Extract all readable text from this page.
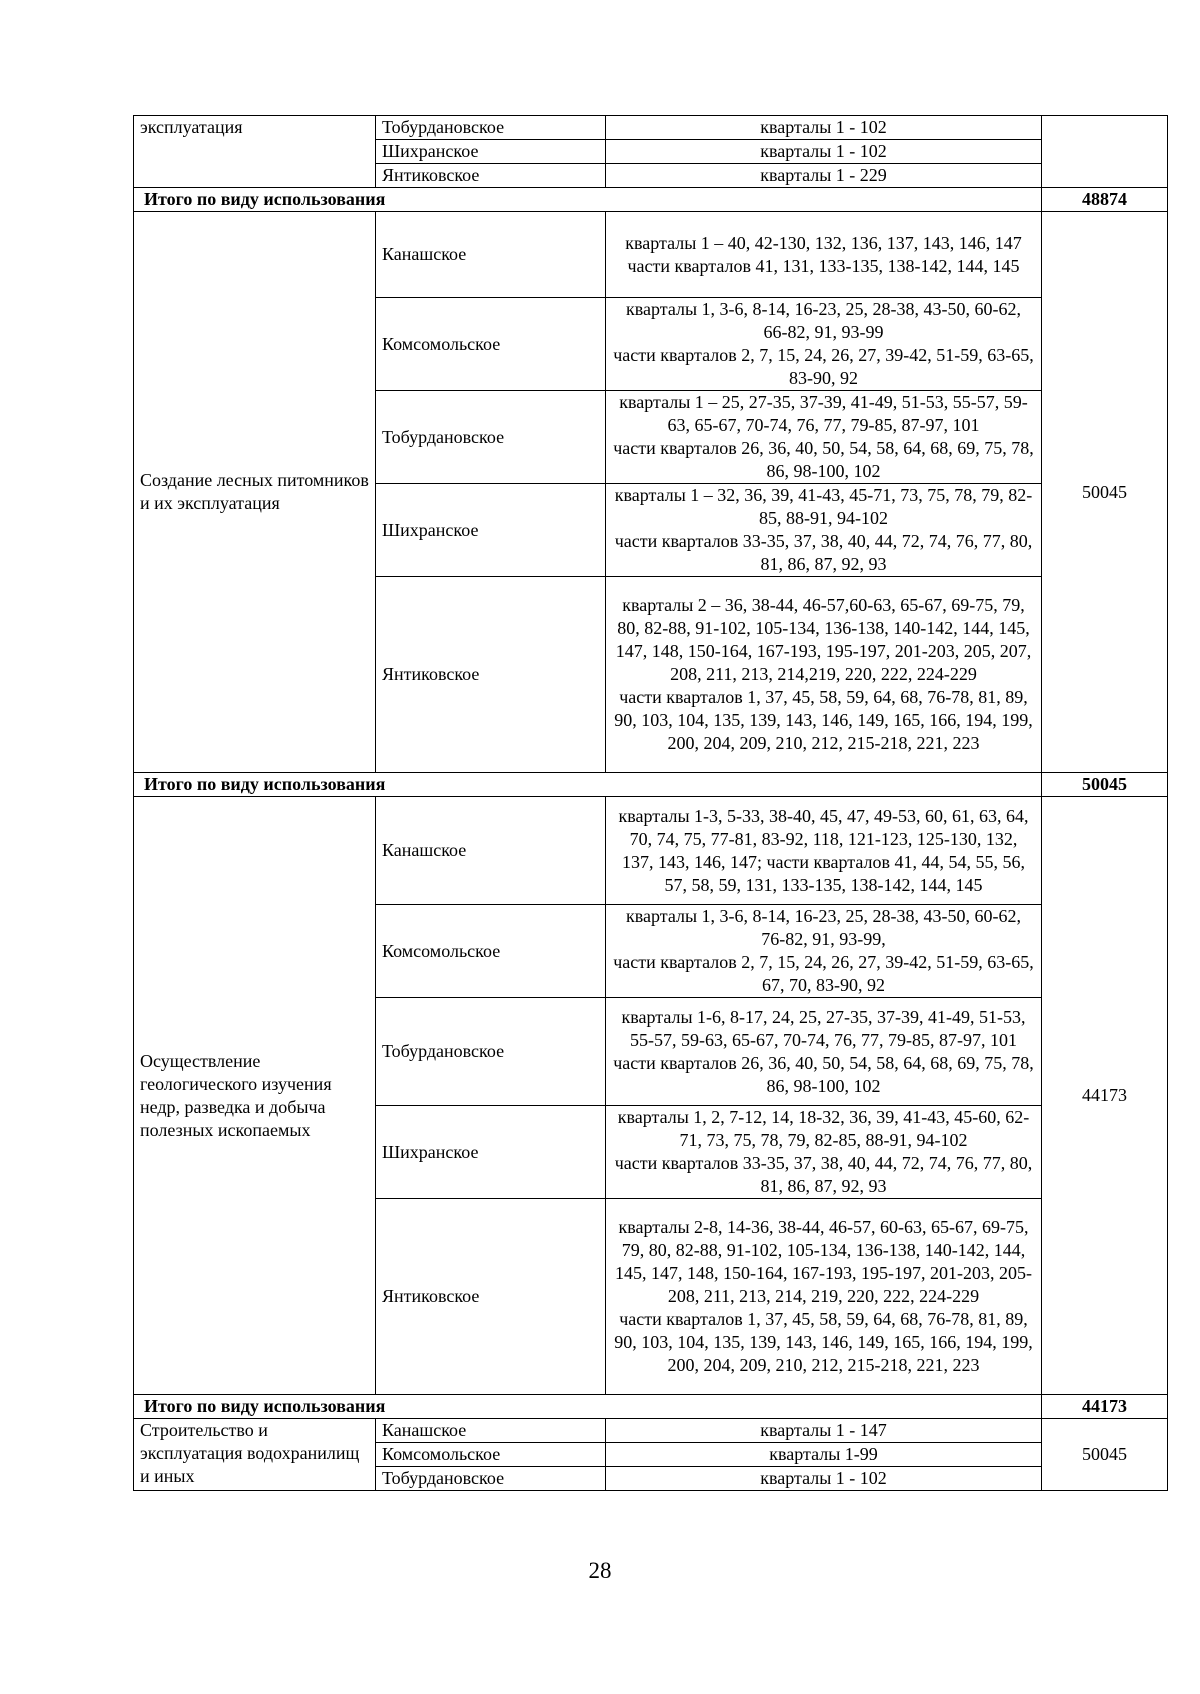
эксплуатация	Тобурдановское	кварталы 1 - 102	
	Шихранское	кварталы 1 - 102	
	Янтиковское	кварталы 1 - 229	
Итого по виду использования			48874
Создание лесных питомников и их эксплуатация	Канашское	кварталы 1 – 40, 42-130, 132, 136, 137, 143, 146, 147
части кварталов 41, 131, 133-135, 138-142, 144, 145	50045
	Комсомольское	кварталы 1, 3-6, 8-14, 16-23, 25, 28-38, 43-50, 60-62, 66-82, 91, 93-99
части кварталов 2, 7, 15, 24, 26, 27, 39-42, 51-59, 63-65, 83-90, 92	
	Тобурдановское	кварталы 1 – 25, 27-35, 37-39, 41-49, 51-53, 55-57, 59-63, 65-67, 70-74, 76, 77, 79-85, 87-97, 101
части кварталов 26, 36, 40, 50, 54, 58, 64, 68, 69, 75, 78, 86, 98-100, 102	
	Шихранское	кварталы 1 – 32, 36, 39, 41-43, 45-71, 73, 75, 78, 79, 82-85, 88-91, 94-102
части кварталов 33-35, 37, 38, 40, 44, 72, 74, 76, 77, 80, 81, 86, 87, 92, 93	
	Янтиковское	кварталы 2 – 36, 38-44, 46-57,60-63, 65-67, 69-75, 79, 80, 82-88, 91-102, 105-134, 136-138, 140-142, 144, 145, 147, 148, 150-164, 167-193, 195-197, 201-203, 205, 207, 208, 211, 213, 214,219, 220, 222, 224-229
части кварталов 1, 37, 45, 58, 59, 64, 68, 76-78, 81, 89, 90, 103, 104, 135, 139, 143, 146, 149, 165, 166, 194, 199, 200, 204, 209, 210, 212, 215-218, 221, 223	
Итого по виду использования			50045
Осуществление геологического изучения недр, разведка и добыча полезных ископаемых	Канашское	кварталы 1-3, 5-33, 38-40, 45, 47, 49-53, 60, 61, 63, 64, 70, 74, 75, 77-81, 83-92, 118, 121-123, 125-130, 132, 137, 143, 146, 147; части кварталов 41, 44, 54, 55, 56, 57, 58, 59, 131, 133-135, 138-142, 144, 145	44173
	Комсомольское	кварталы 1, 3-6, 8-14, 16-23, 25, 28-38, 43-50, 60-62, 76-82, 91, 93-99,
части кварталов 2, 7, 15, 24, 26, 27, 39-42, 51-59, 63-65, 67, 70, 83-90, 92	
	Тобурдановское	кварталы 1-6, 8-17, 24, 25, 27-35, 37-39, 41-49, 51-53, 55-57, 59-63, 65-67, 70-74, 76, 77, 79-85, 87-97, 101
части кварталов 26, 36, 40, 50, 54, 58, 64, 68, 69, 75, 78, 86, 98-100, 102	
	Шихранское	кварталы 1, 2, 7-12, 14, 18-32, 36, 39, 41-43, 45-60, 62-71, 73, 75, 78, 79, 82-85, 88-91, 94-102
части кварталов 33-35, 37, 38, 40, 44, 72, 74, 76, 77, 80, 81, 86, 87, 92, 93	
	Янтиковское	кварталы 2-8, 14-36, 38-44, 46-57, 60-63, 65-67, 69-75, 79, 80, 82-88, 91-102, 105-134, 136-138, 140-142, 144, 145, 147, 148, 150-164, 167-193, 195-197, 201-203, 205-208, 211, 213, 214, 219, 220, 222, 224-229
части кварталов 1, 37, 45, 58, 59, 64, 68, 76-78, 81, 89, 90, 103, 104, 135, 139, 143, 146, 149, 165, 166, 194, 199, 200, 204, 209, 210, 212, 215-218, 221, 223	
Итого по виду использования			44173
Строительство и эксплуатация водохранилищ и иных	Канашское	кварталы 1 - 147	50045
	Комсомольское	кварталы 1-99	
	Тобурдановское	кварталы 1 - 102	
28
